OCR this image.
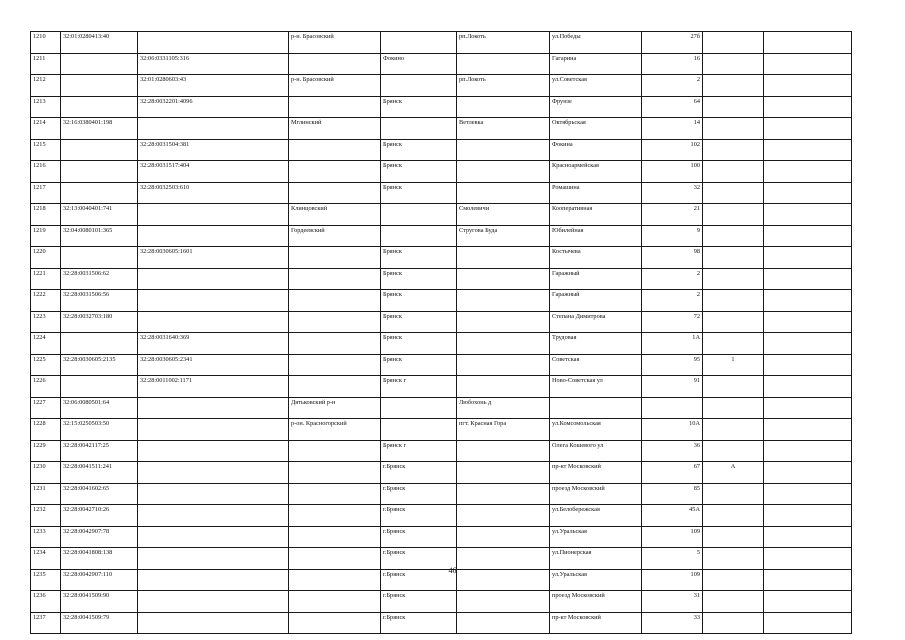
1210	32:01:0280413:40		р-н. Брасовский		рп.Локоть	ул.Победы	27б		
1211		32:06:0331105:316		Фокино		Гагарина	16		
1212		32:01:0280603:43	р-н. Брасовский		рп.Локоть	ул.Советская	2		
1213		32:28:0032201:4096		Брянск		Фрунзе	64		
1214	32:16:0380401:198		Мглинский		Ветлевка	Октябрьская	14		
1215		32:28:0031504:381		Брянск		Фокина	102		
1216		32:28:0031517:404		Брянск		Красноармейская	100		
1217		32:28:0032503:610		Брянск		Ромашина	32		
1218	32:13:0040401:741		Клинцовский		Смолевичи	Кооперативная	21		
1219	32:04:0080101:365		Гордеевский		Струговa Буда	Юбилейная	9		
1220		32:28:0030605:1601		Брянск		Костычева	98		
1221	32:28:0031506:62			Брянск		Гаражный	2		
1222	32:28:0031506:56			Брянск		Гаражный	2		
1223	32:28:0032703:180			Брянск		Степана Димитрова	72		
1224		32:28:0031640:369		Брянск		Трудовая	1А		
1225	32:28:0030605:2135	32:28:0030605:2341		Брянск		Советская	95	1	
1226		32:28:0011002:1171		Брянск г		Ново-Советская ул	91		
1227	32:06:0080501:64		Дятьковский р-н		Любохонь д				
1228	32:15:0250503:50		р-он. Красногорский		пгт. Красная Гора	ул.Комсомольская	10А		
1229	32:28:0042117:25			Брянск г		Олега Кошевого ул	36		
1230	32:28:0041511:241			г.Брянск		пр-кт Московский	67	А	
1231	32:28:0041602:65			г.Брянск		проезд Московский	85		
1232	32:28:0042710:26			г.Брянск		ул.Белобережская	45А		
1233	32:28:0042907:78			г.Брянск		ул.Уральская	109		
1234	32:28:0041808:138			г.Брянск		ул.Пионерская	5		
1235	32:28:0042907:110			г.Брянск		ул.Уральская	109		
1236	32:28:0041509:90			г.Брянск		проезд Московский	31		
1237	32:28:0041509:79			г.Брянск		пр-кт Московский	33		
46
